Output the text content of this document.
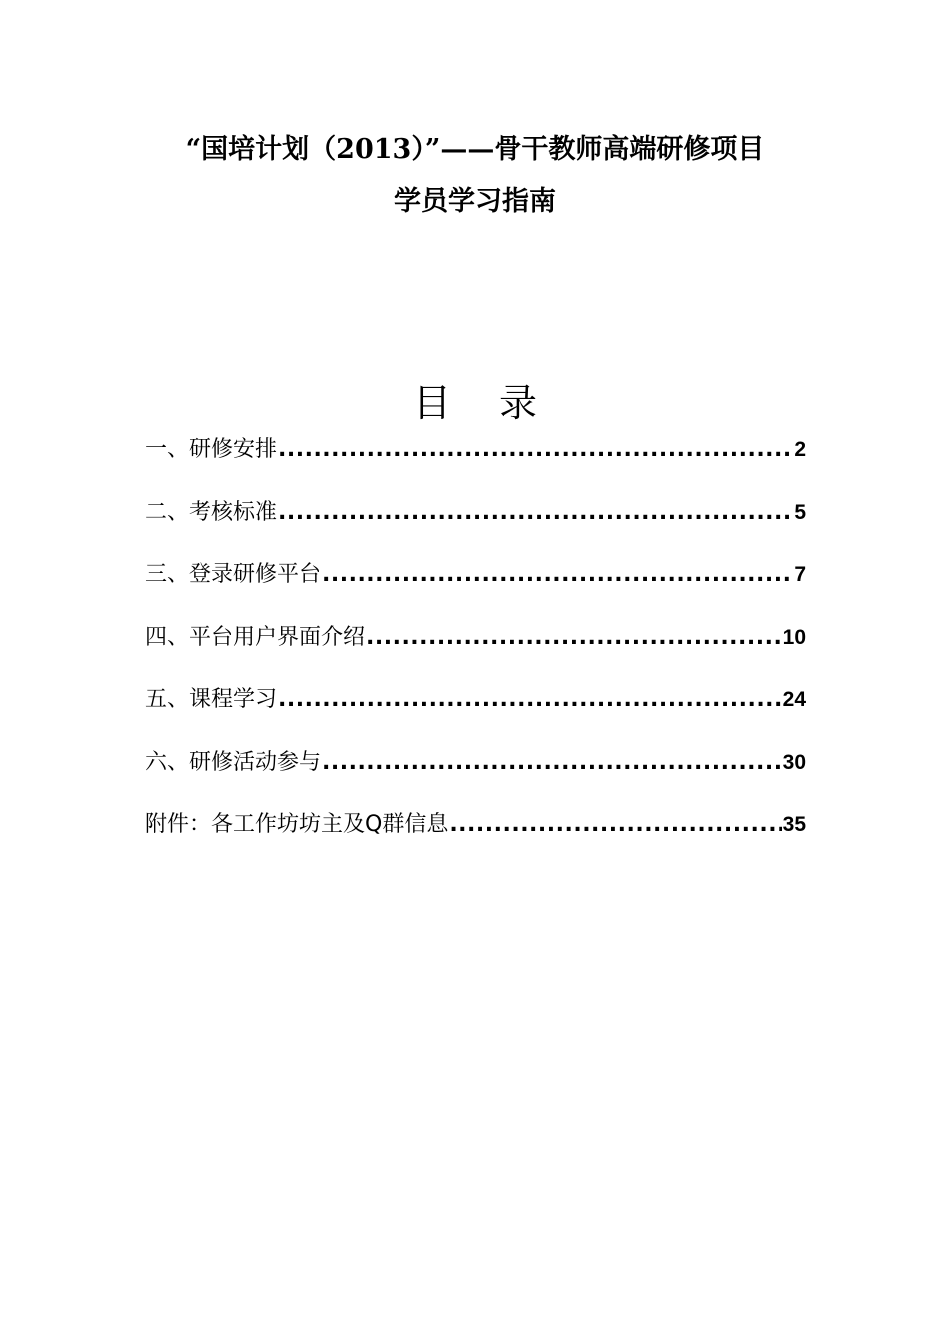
“国培计划（2013）”——骨干教师高端研修项目
学员学习指南
目 录
一、研修安排 .....	2
二、考核标准 .....	5
三、登录研修平台 .....	7
四、平台用户界面介绍 .....	10
五、课程学习 .....	24
六、研修活动参与 .....	30
附件：各工作坊坊主及Q群信息 .....	35
